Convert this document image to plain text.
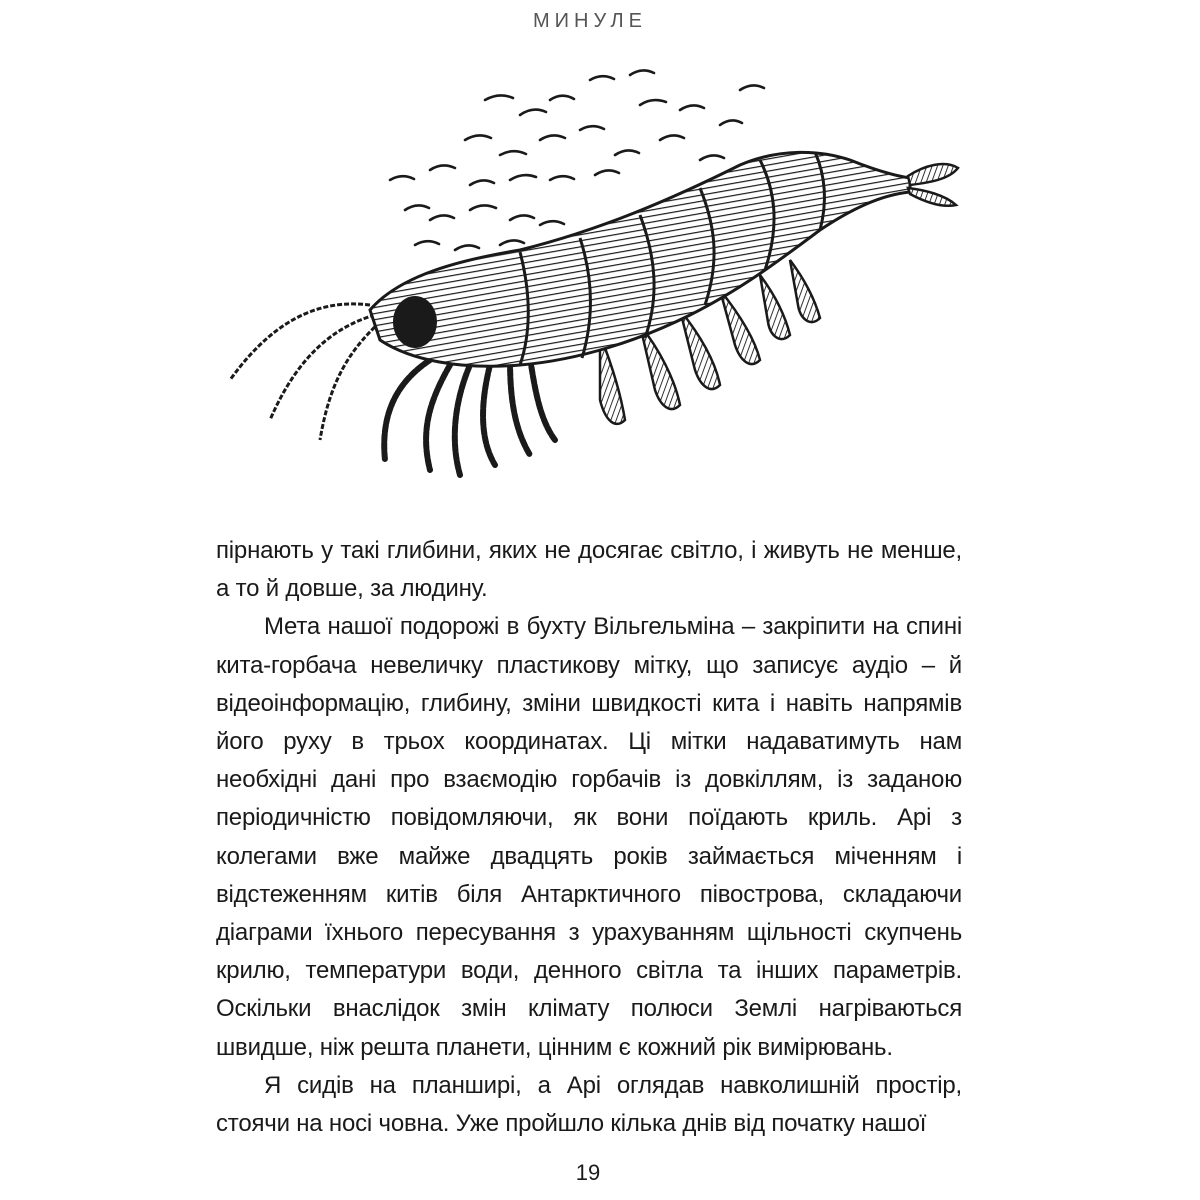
МИНУЛЕ

пірнають у такі глибини, яких не досягає світло, і живуть не менше, а то й довше, за людину.

Мета нашої подорожі в бухту Вільгельміна – закріпити на спині кита-горбача невеличку пластикову мітку, що записує аудіо – й відеоінформацію, глибину, зміни швидкості кита і навіть напрямів його руху в трьох координатах. Ці мітки надаватимуть нам необхідні дані про взаємодію горбачів із довкіллям, із заданою періодичністю повідомляючи, як вони поїдають криль. Арі з колегами вже майже двадцять років займається міченням і відстеженням китів біля Антарктичного півострова, складаючи діаграми їхнього пересування з урахуванням щільності скупчень крилю, температури води, денного світла та інших параметрів. Оскільки внаслідок змін клімату полюси Землі нагріваються швидше, ніж решта планети, цінним є кожний рік вимірювань.

Я сидів на планширі, а Арі оглядав навколишній простір, стоячи на носі човна. Уже пройшло кілька днів від початку нашої

19
